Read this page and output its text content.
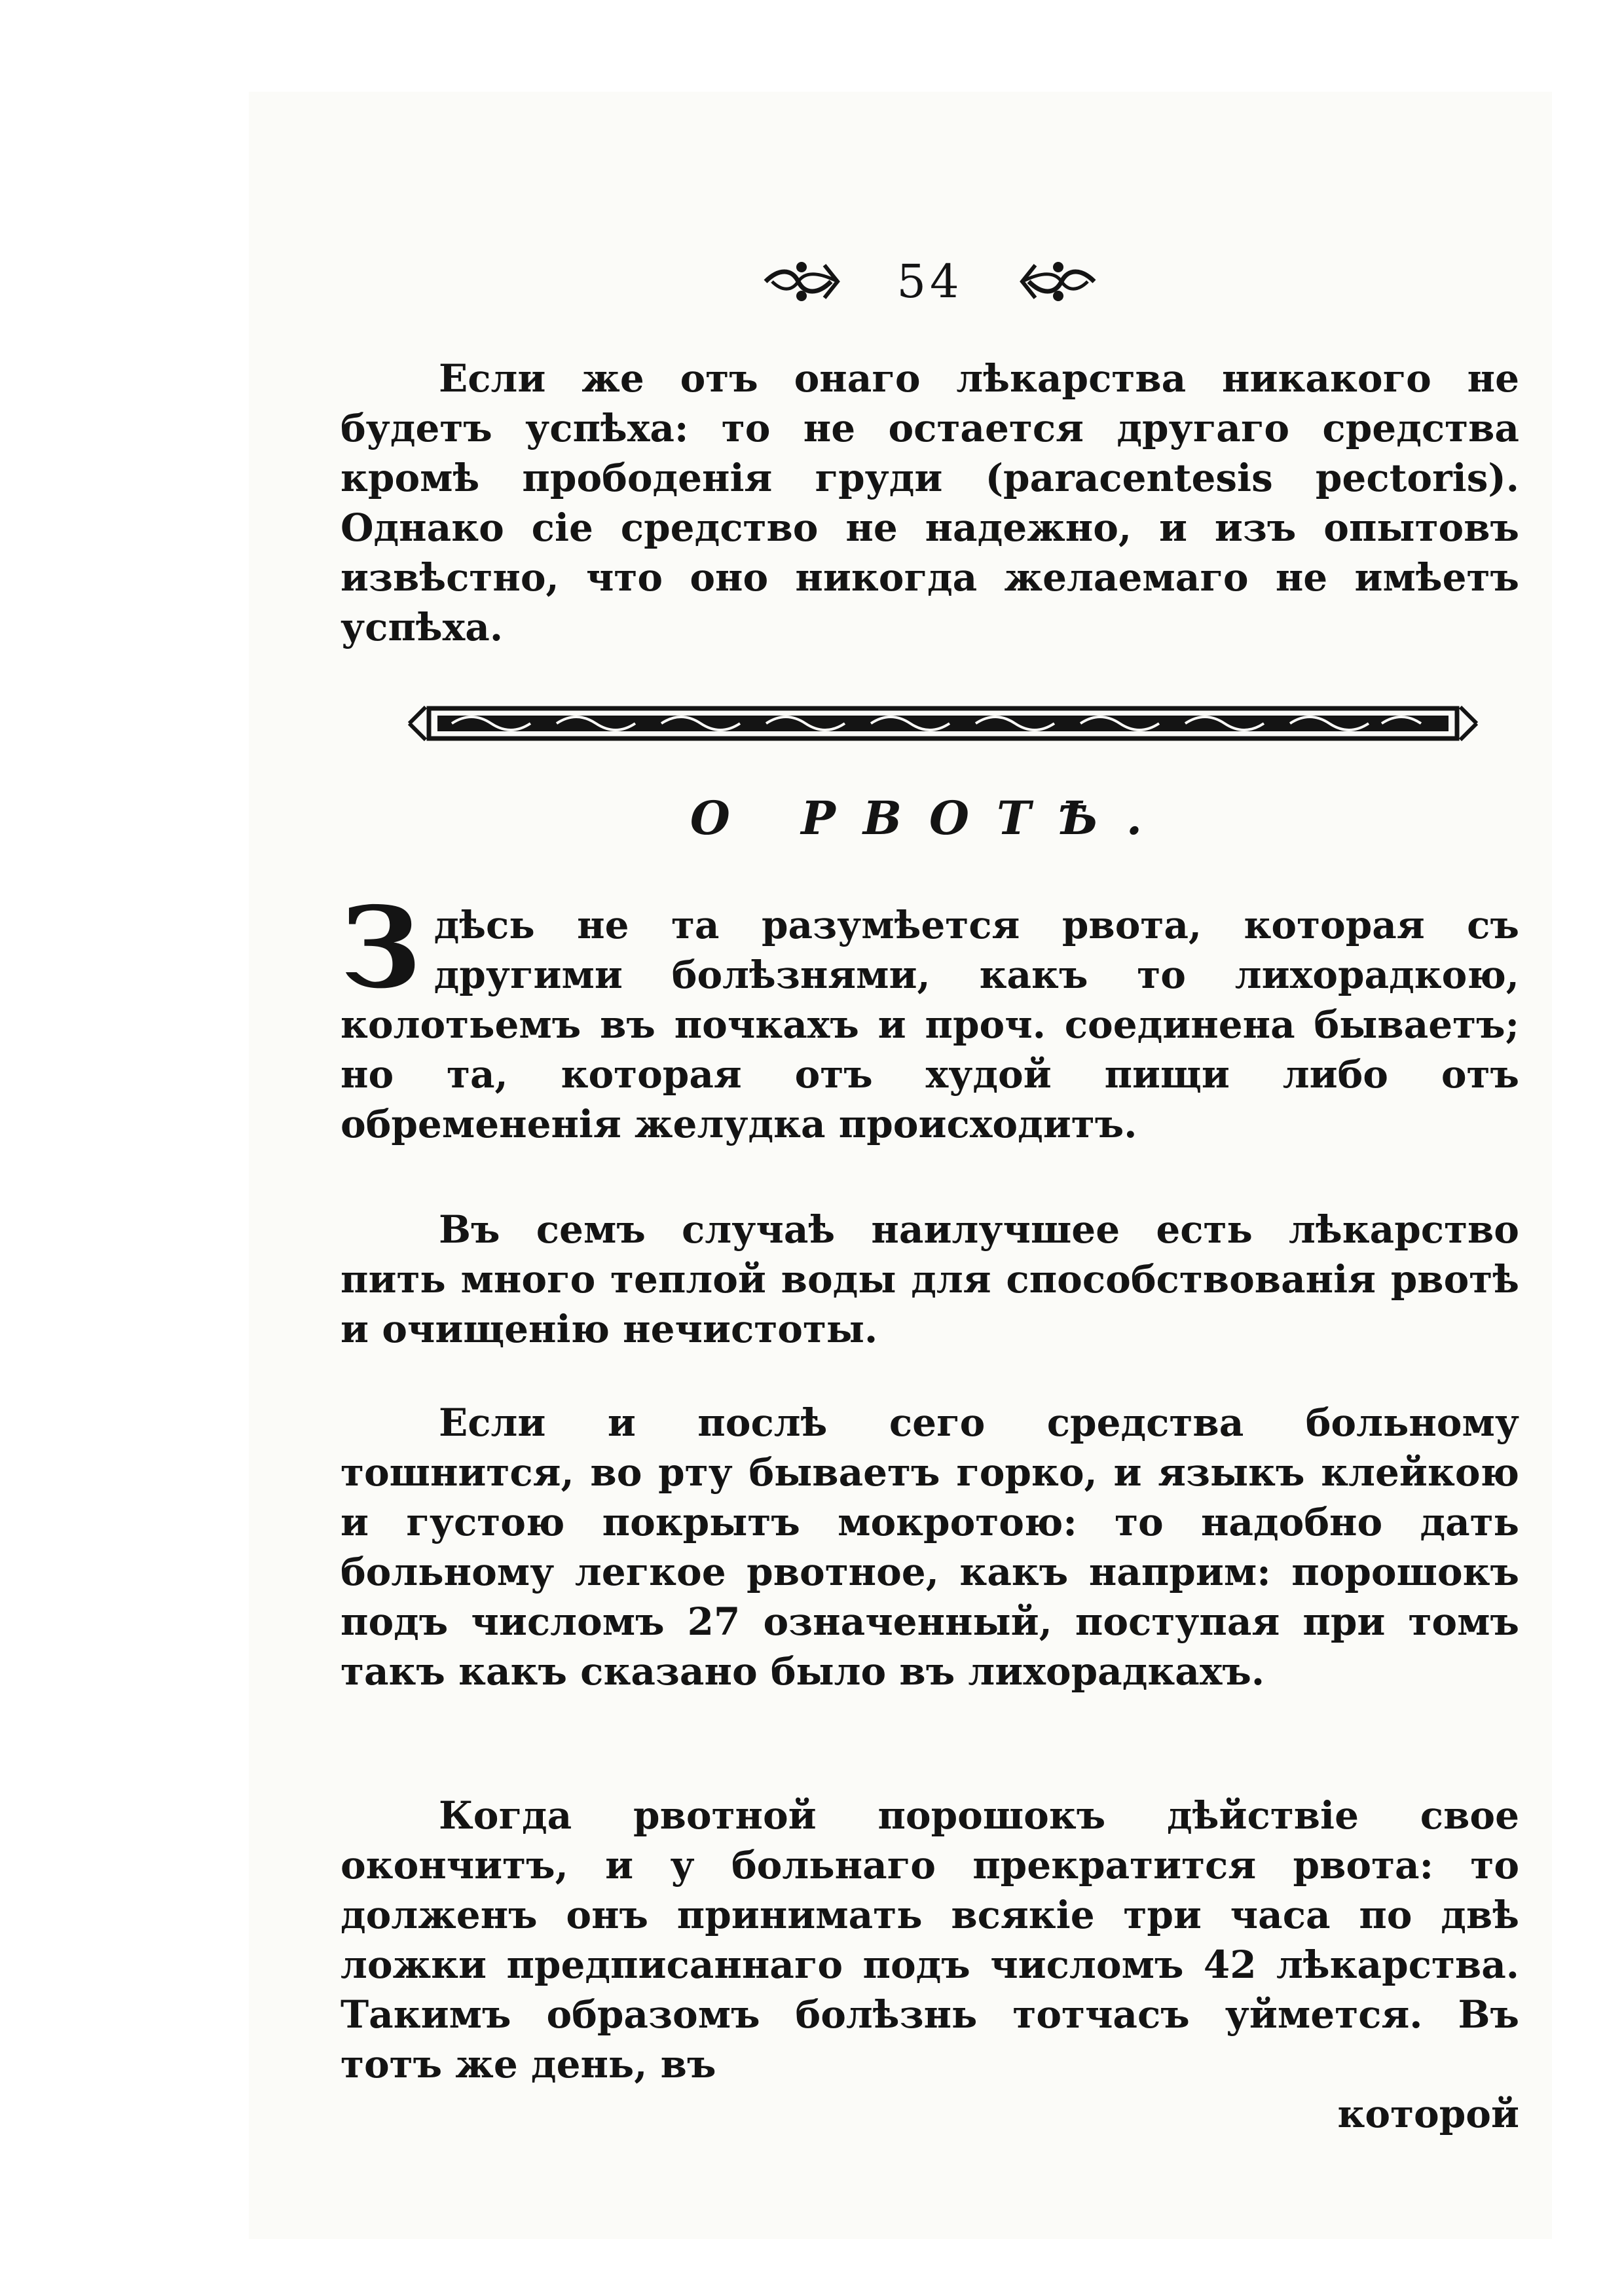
54

Если же отъ онаго лѣкарства никакого не будетъ успѣха: то не остается другаго средства кромѣ прободенія груди (paracentesis pectoris). Однако сіе средство не надежно, и изъ опытовъ извѣстно, что оно никогда желаемаго не имѣетъ успѣха.

О РВОТѢ.

Здѣсь не та разумѣется рвота, которая съ другими болѣзнями, какъ то лихорадкою, колотьемъ въ почкахъ и проч. соединена бываетъ; но та, которая отъ худой пищи либо отъ обремененія желудка происходитъ.

Въ семъ случаѣ наилучшее есть лѣкарство пить много теплой воды для способствованія рвотѣ и очищенію нечистоты.

Если и послѣ сего средства больному тошнится, во рту бываетъ горко, и языкъ клейкою и густою покрытъ мокротою: то надобно дать больному легкое рвотное, какъ наприм: порошокъ подъ числомъ 27 означенный, поступая при томъ такъ какъ сказано было въ лихорадкахъ.

Когда рвотной порошокъ дѣйствіе свое окончитъ, и у больнаго прекратится рвота: то долженъ онъ принимать всякіе три часа по двѣ ложки предписаннаго подъ числомъ 42 лѣкарства. Такимъ образомъ болѣзнь тотчасъ уймется. Въ тотъ же день, въ

которой
